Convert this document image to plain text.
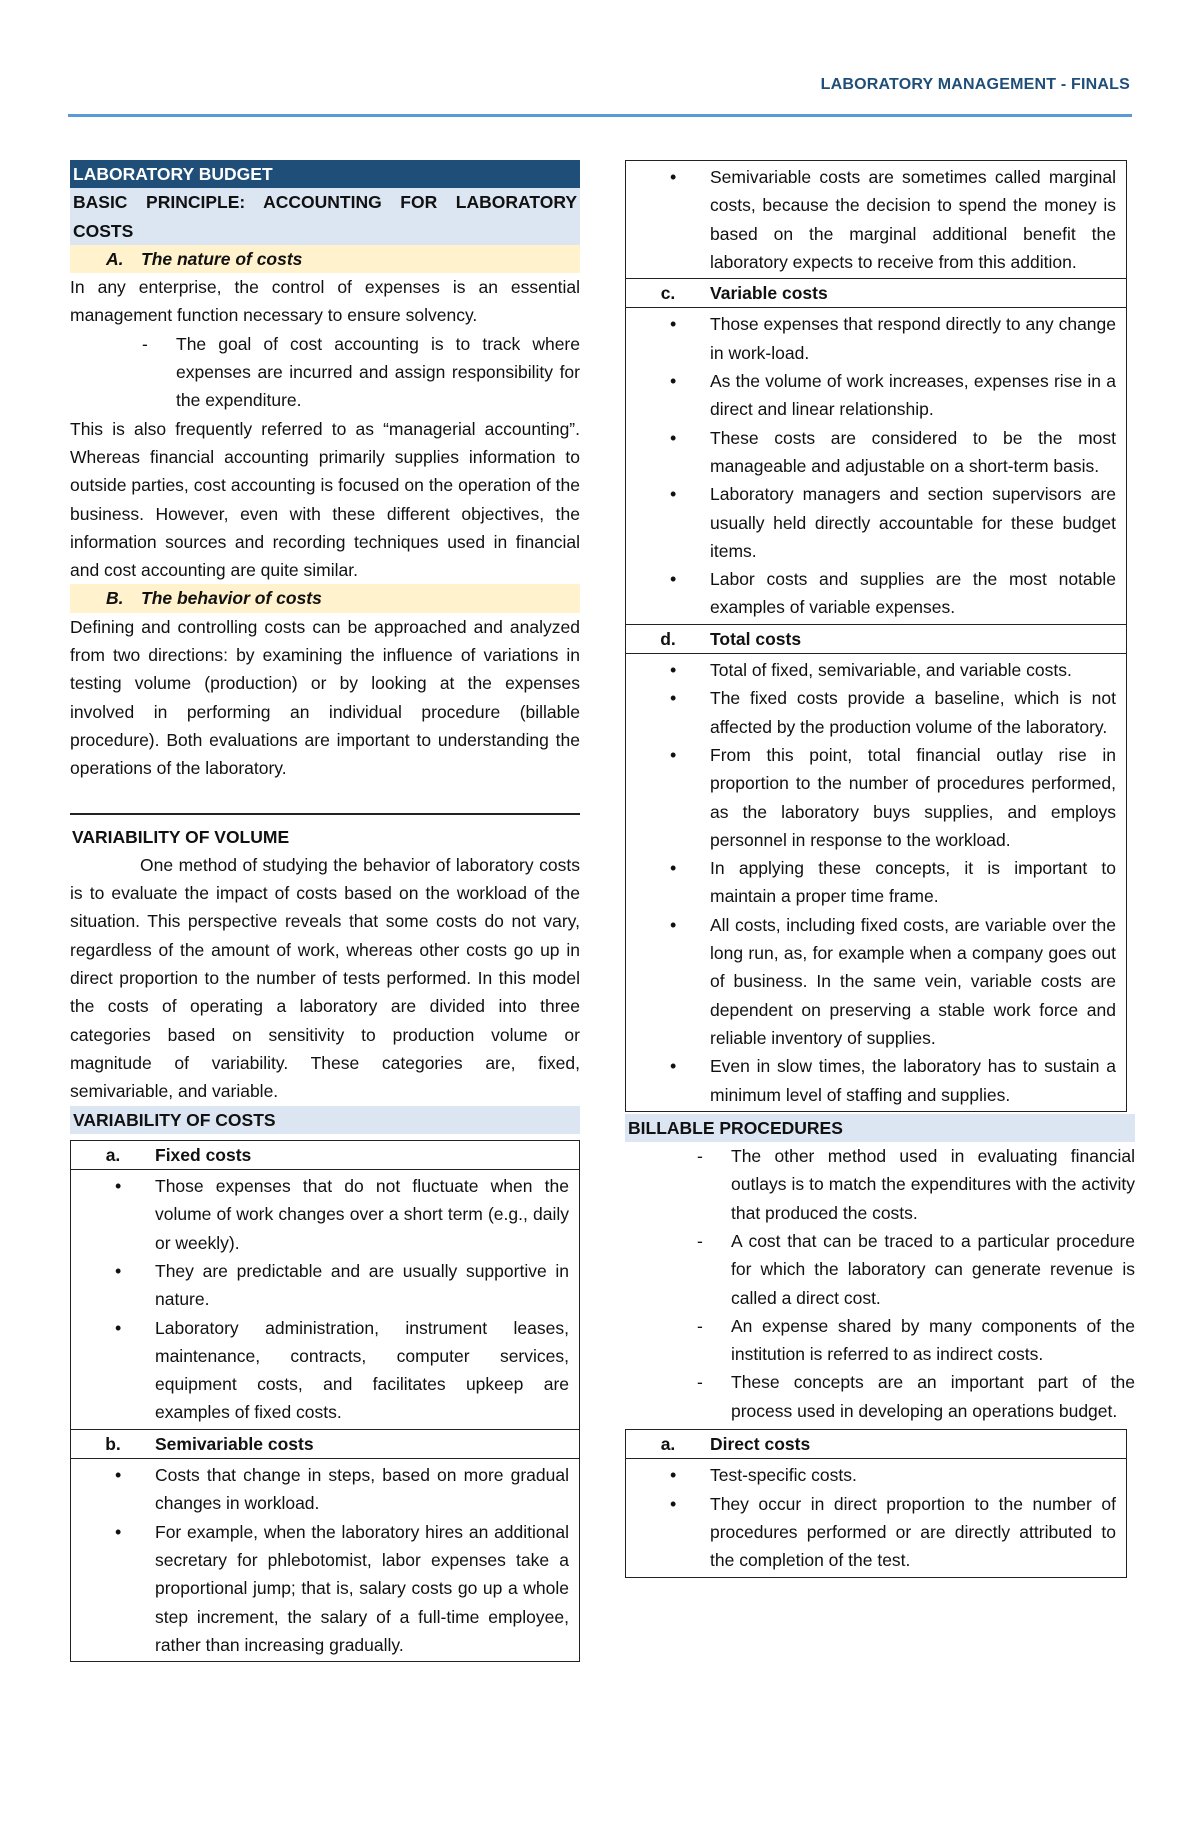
LABORATORY MANAGEMENT - FINALS
LABORATORY BUDGET
BASIC PRINCIPLE: ACCOUNTING FOR LABORATORY COSTS
A. The nature of costs
In any enterprise, the control of expenses is an essential management function necessary to ensure solvency.
- The goal of cost accounting is to track where expenses are incurred and assign responsibility for the expenditure.
This is also frequently referred to as “managerial accounting”. Whereas financial accounting primarily supplies information to outside parties, cost accounting is focused on the operation of the business. However, even with these different objectives, the information sources and recording techniques used in financial and cost accounting are quite similar.
B. The behavior of costs
Defining and controlling costs can be approached and analyzed from two directions: by examining the influence of variations in testing volume (production) or by looking at the expenses involved in performing an individual procedure (billable procedure). Both evaluations are important to understanding the operations of the laboratory.
VARIABILITY OF VOLUME
One method of studying the behavior of laboratory costs is to evaluate the impact of costs based on the workload of the situation. This perspective reveals that some costs do not vary, regardless of the amount of work, whereas other costs go up in direct proportion to the number of tests performed. In this model the costs of operating a laboratory are divided into three categories based on sensitivity to production volume or magnitude of variability. These categories are, fixed, semivariable, and variable.
VARIABILITY OF COSTS
a.	Fixed costs
• Those expenses that do not fluctuate when the volume of work changes over a short term (e.g., daily or weekly).
• They are predictable and are usually supportive in nature.
• Laboratory administration, instrument leases, maintenance, contracts, computer services, equipment costs, and facilitates upkeep are examples of fixed costs.
b.	Semivariable costs
• Costs that change in steps, based on more gradual changes in workload.
• For example, when the laboratory hires an additional secretary for phlebotomist, labor expenses take a proportional jump; that is, salary costs go up a whole step increment, the salary of a full-time employee, rather than increasing gradually.
• Semivariable costs are sometimes called marginal costs, because the decision to spend the money is based on the marginal additional benefit the laboratory expects to receive from this addition.
c.	Variable costs
• Those expenses that respond directly to any change in work-load.
• As the volume of work increases, expenses rise in a direct and linear relationship.
• These costs are considered to be the most manageable and adjustable on a short-term basis.
• Laboratory managers and section supervisors are usually held directly accountable for these budget items.
• Labor costs and supplies are the most notable examples of variable expenses.
d.	Total costs
• Total of fixed, semivariable, and variable costs.
• The fixed costs provide a baseline, which is not affected by the production volume of the laboratory.
• From this point, total financial outlay rise in proportion to the number of procedures performed, as the laboratory buys supplies, and employs personnel in response to the workload.
• In applying these concepts, it is important to maintain a proper time frame.
• All costs, including fixed costs, are variable over the long run, as, for example when a company goes out of business. In the same vein, variable costs are dependent on preserving a stable work force and reliable inventory of supplies.
• Even in slow times, the laboratory has to sustain a minimum level of staffing and supplies.
BILLABLE PROCEDURES
- The other method used in evaluating financial outlays is to match the expenditures with the activity that produced the costs.
- A cost that can be traced to a particular procedure for which the laboratory can generate revenue is called a direct cost.
- An expense shared by many components of the institution is referred to as indirect costs.
- These concepts are an important part of the process used in developing an operations budget.
a.	Direct costs
• Test-specific costs.
• They occur in direct proportion to the number of procedures performed or are directly attributed to the completion of the test.
